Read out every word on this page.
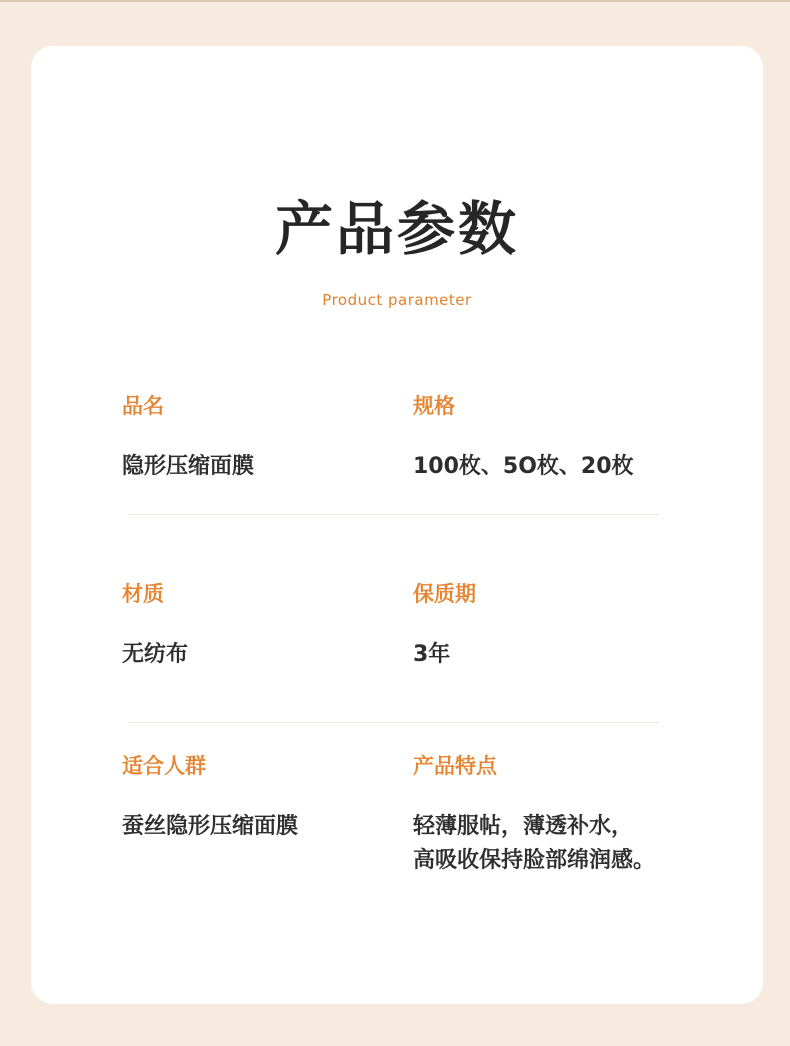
产品参数
Product parameter
品名
隐形压缩面膜
规格
100枚、5O枚、20枚
材质
无纺布
保质期
3年
适合人群
蚕丝隐形压缩面膜
产品特点
轻薄服帖，薄透补水，
高吸收保持脸部绵润感。
